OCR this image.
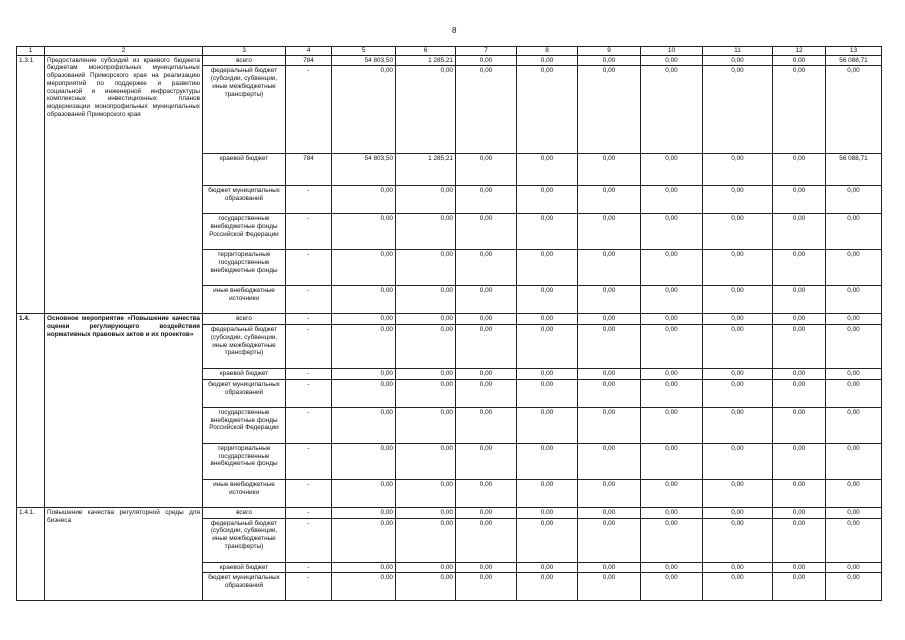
8
1	2	3	4	5	6	7	8	9	10	11	12	13
1.3.1	Предоставление субсидий из краевого бюджета бюджетам монопрофильных муниципальных образований Приморского края на реализацию мероприятий по поддержке и развитию социальной и инженерной инфраструктуры комплексных инвестиционных планов модернизации монопрофильных муниципальных образований Приморского края	всего	784	54 803,50	1 285,21	0,00	0,00	0,00	0,00	0,00	0,00	56 088,71
		федеральный бюджет (субсидии, субвенции, иные межбюджетные трансферты)	-	0,00	0,00	0,00	0,00	0,00	0,00	0,00	0,00	0,00
		краевой бюджет	784	54 803,50	1 285,21	0,00	0,00	0,00	0,00	0,00	0,00	56 088,71
		бюджет муниципальных образований	-	0,00	0,00	0,00	0,00	0,00	0,00	0,00	0,00	0,00
		государственные внебюджетные фонды Российской Федерации	-	0,00	0,00	0,00	0,00	0,00	0,00	0,00	0,00	0,00
		территориальные государственные внебюджетные фонды	-	0,00	0,00	0,00	0,00	0,00	0,00	0,00	0,00	0,00
		иные внебюджетные источники	-	0,00	0,00	0,00	0,00	0,00	0,00	0,00	0,00	0,00
1.4.	Основное мероприятие «Повышение качества оценки регулирующего воздействия нормативных правовых актов и их проектов»	всего	-	0,00	0,00	0,00	0,00	0,00	0,00	0,00	0,00	0,00
		федеральный бюджет (субсидии, субвенции, иные межбюджетные трансферты)	-	0,00	0,00	0,00	0,00	0,00	0,00	0,00	0,00	0,00
		краевой бюджет	-	0,00	0,00	0,00	0,00	0,00	0,00	0,00	0,00	0,00
		бюджет муниципальных образований	-	0,00	0,00	0,00	0,00	0,00	0,00	0,00	0,00	0,00
		государственные внебюджетные фонды Российской Федерации	-	0,00	0,00	0,00	0,00	0,00	0,00	0,00	0,00	0,00
		территориальные государственные внебюджетные фонды	-	0,00	0,00	0,00	0,00	0,00	0,00	0,00	0,00	0,00
		иные внебюджетные источники	-	0,00	0,00	0,00	0,00	0,00	0,00	0,00	0,00	0,00
1.4.1.	Повышение качества регуляторной среды для бизнеса	всего	-	0,00	0,00	0,00	0,00	0,00	0,00	0,00	0,00	0,00
		федеральный бюджет (субсидии, субвенции, иные межбюджетные трансферты)	-	0,00	0,00	0,00	0,00	0,00	0,00	0,00	0,00	0,00
		краевой бюджет	-	0,00	0,00	0,00	0,00	0,00	0,00	0,00	0,00	0,00
		бюджет муниципальных образований	-	0,00	0,00	0,00	0,00	0,00	0,00	0,00	0,00	0,00
